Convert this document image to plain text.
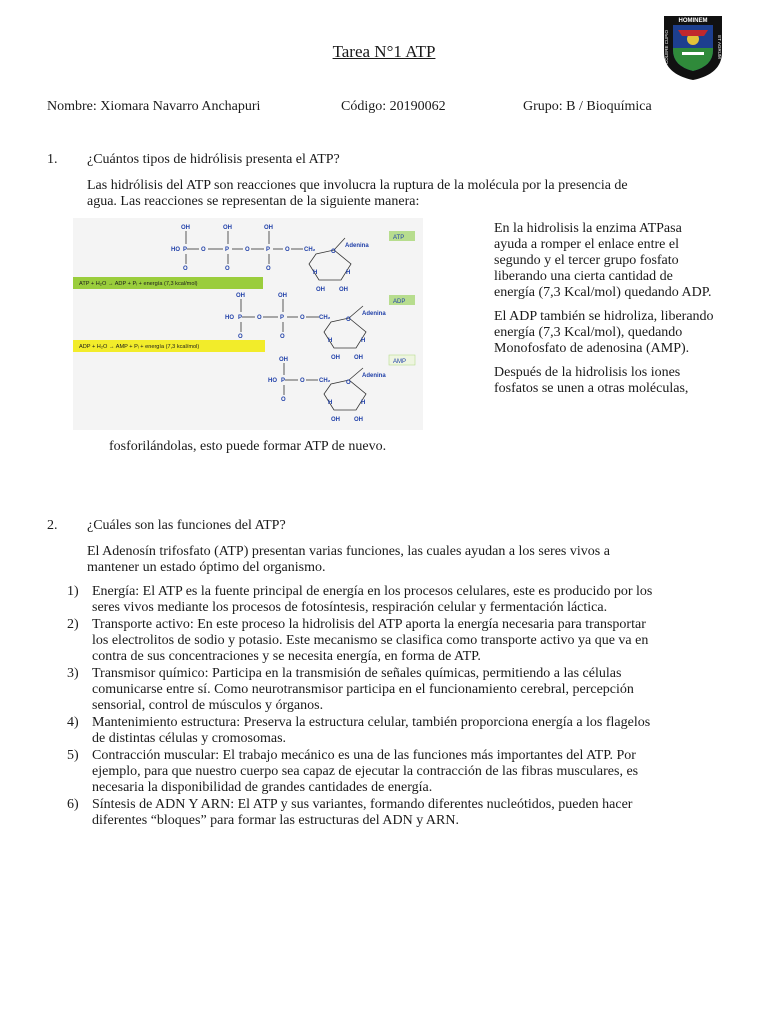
Tarea N°1 ATP
HOMINEM
ET AGRUM
COLERE CUPIO
Nombre: Xiomara Navarro Anchapuri	Código: 20190062	Grupo: B / Bioquímica
1. ¿Cuántos tipos de hidrólisis presenta el ATP?
Las hidrólisis del ATP son reacciones que involucra la ruptura de la molécula por la presencia de
agua. Las reacciones se representan de la siguiente manera:

En la hidrolisis la enzima ATPasa ayuda a romper el enlace entre el segundo y el tercer grupo fosfato liberando una cierta cantidad de energía (7,3 Kcal/mol) quedando ADP.

El ADP también se hidroliza, liberando energía (7,3 Kcal/mol), quedando Monofosfato de adenosina (AMP).

Después de la hidrolisis los iones fosfatos se unen a otras moléculas,

OH	OH	OH
HO P O	P	O	P O CH₂
O	O	O
O
H	H
OH OH
Adenina
OH	OH
HO P O	P	O CH₂
O	O
O
H	H
OH OH
Adenina
OH
HO P O CH₂
O
O
H	H
OH OH
Adenina
ATP
ADP
AMP
ATP + H₂O → ADP + Pᵢ + energía (7,3 kcal/mol)
ADP + H₂O → AMP + Pᵢ + energía (7,3 kcal/mol)
fosforilándolas, esto puede formar ATP de nuevo.
2. ¿Cuáles son las funciones del ATP?
El Adenosín trifosfato (ATP) presentan varias funciones, las cuales ayudan a los seres vivos a
mantener un estado óptimo del organismo.
1) Energía: El ATP es la fuente principal de energía en los procesos celulares, este es producido por los
seres vivos mediante los procesos de fotosíntesis, respiración celular y fermentación láctica.
2) Transporte activo: En este proceso la hidrolisis del ATP aporta la energía necesaria para transportar
los electrolitos de sodio y potasio. Este mecanismo se clasifica como transporte activo ya que va en
contra de sus concentraciones y se necesita energía, en forma de ATP.
3) Transmisor químico: Participa en la transmisión de señales químicas, permitiendo a las células
comunicarse entre sí. Como neurotransmisor participa en el funcionamiento cerebral, percepción
sensorial, control de músculos y órganos.
4) Mantenimiento estructura: Preserva la estructura celular, también proporciona energía a los flagelos
de distintas células y cromosomas.
5) Contracción muscular: El trabajo mecánico es una de las funciones más importantes del ATP. Por
ejemplo, para que nuestro cuerpo sea capaz de ejecutar la contracción de las fibras musculares, es
necesaria la disponibilidad de grandes cantidades de energía.
6) Síntesis de ADN Y ARN: El ATP y sus variantes, formando diferentes nucleótidos, pueden hacer
diferentes “bloques” para formar las estructuras del ADN y ARN.
